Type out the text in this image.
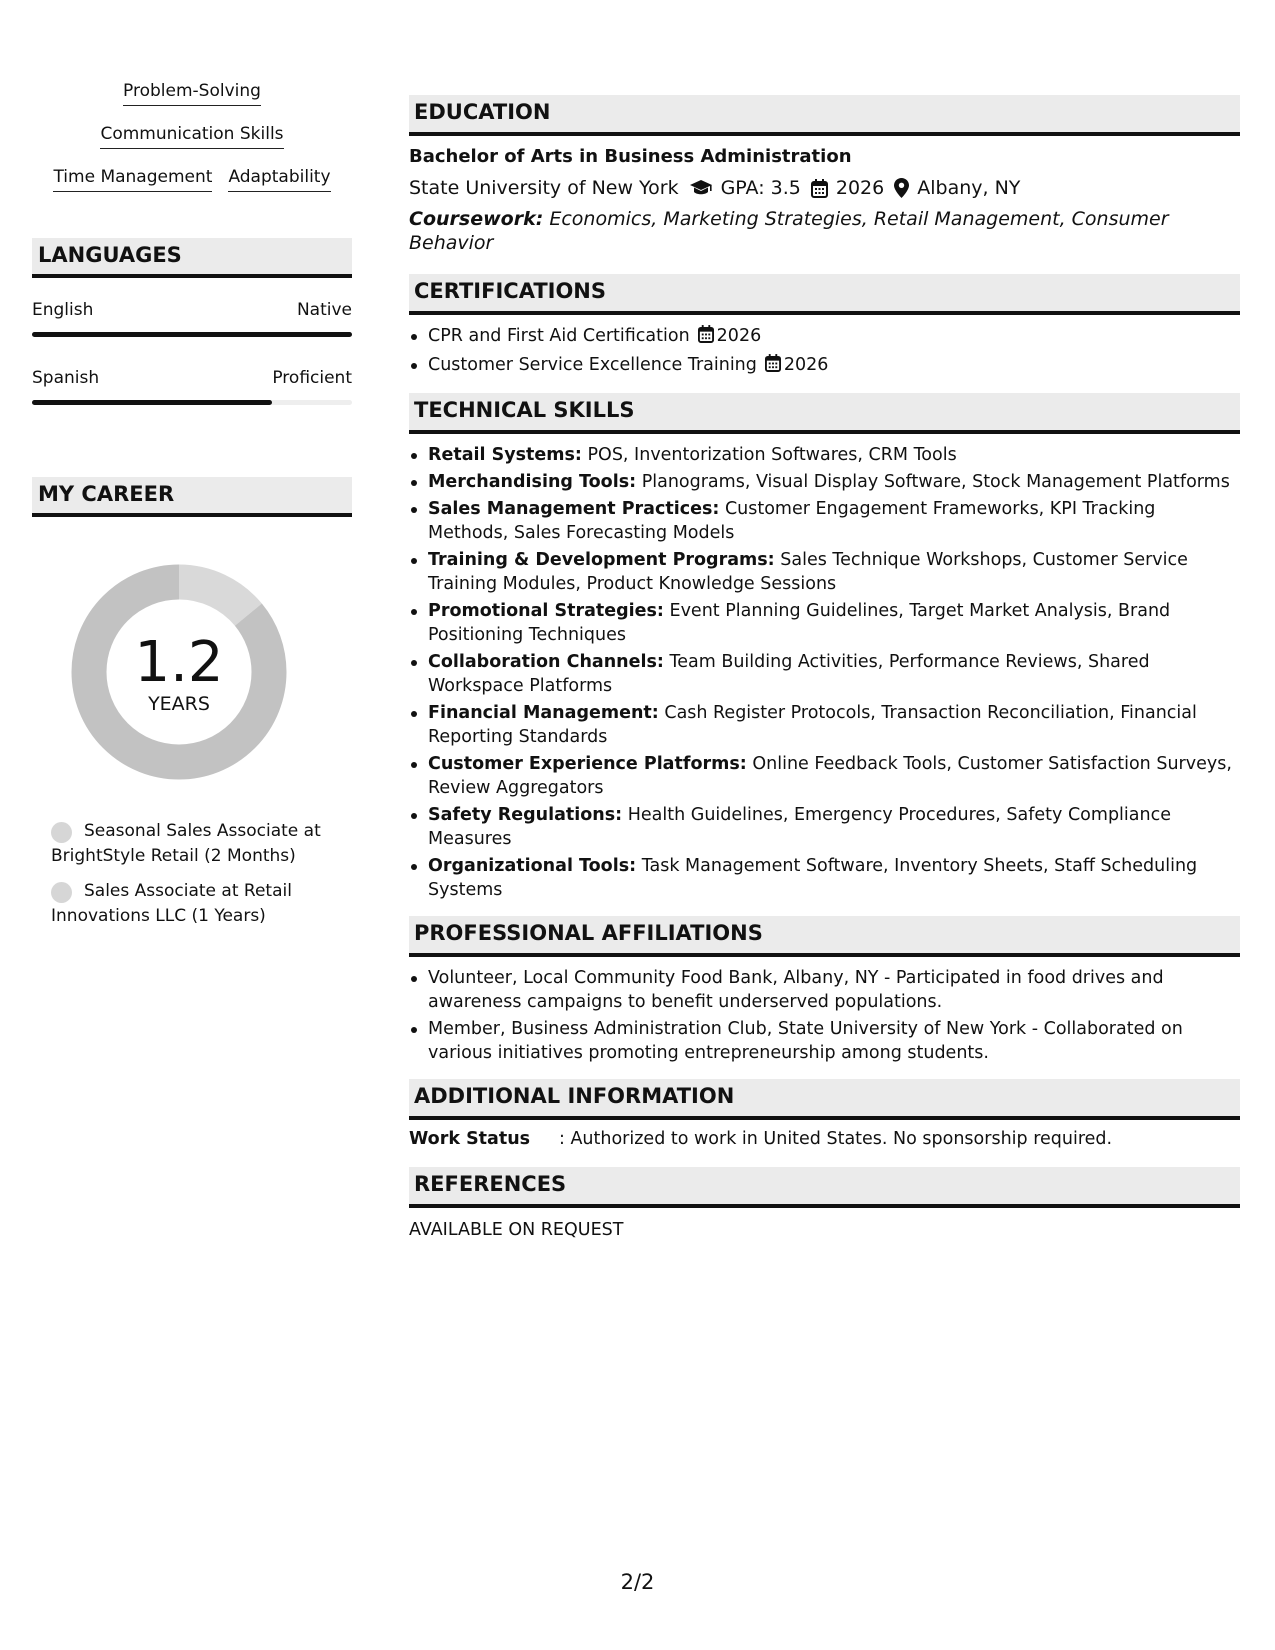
Problem-Solving
Communication Skills
Time Management Adaptability
LANGUAGES
English	Native
Spanish	Proficient
MY CAREER
1.2
YEARS
Seasonal Sales Associate at BrightStyle Retail (2 Months)
Sales Associate at Retail Innovations LLC (1 Years)
EDUCATION
Bachelor of Arts in Business Administration
State University of New York GPA: 3.5 2026 Albany, NY
Coursework: Economics, Marketing Strategies, Retail Management, Consumer Behavior
CERTIFICATIONS
CPR and First Aid Certification 2026
Customer Service Excellence Training 2026
TECHNICAL SKILLS
Retail Systems: POS, Inventorization Softwares, CRM Tools
Merchandising Tools: Planograms, Visual Display Software, Stock Management Platforms
Sales Management Practices: Customer Engagement Frameworks, KPI Tracking Methods, Sales Forecasting Models
Training & Development Programs: Sales Technique Workshops, Customer Service Training Modules, Product Knowledge Sessions
Promotional Strategies: Event Planning Guidelines, Target Market Analysis, Brand Positioning Techniques
Collaboration Channels: Team Building Activities, Performance Reviews, Shared Workspace Platforms
Financial Management: Cash Register Protocols, Transaction Reconciliation, Financial Reporting Standards
Customer Experience Platforms: Online Feedback Tools, Customer Satisfaction Surveys, Review Aggregators
Safety Regulations: Health Guidelines, Emergency Procedures, Safety Compliance Measures
Organizational Tools: Task Management Software, Inventory Sheets, Staff Scheduling Systems
PROFESSIONAL AFFILIATIONS
Volunteer, Local Community Food Bank, Albany, NY - Participated in food drives and awareness campaigns to benefit underserved populations.
Member, Business Administration Club, State University of New York - Collaborated on various initiatives promoting entrepreneurship among students.
ADDITIONAL INFORMATION
Work Status	: Authorized to work in United States. No sponsorship required.
REFERENCES
AVAILABLE ON REQUEST
2/2
